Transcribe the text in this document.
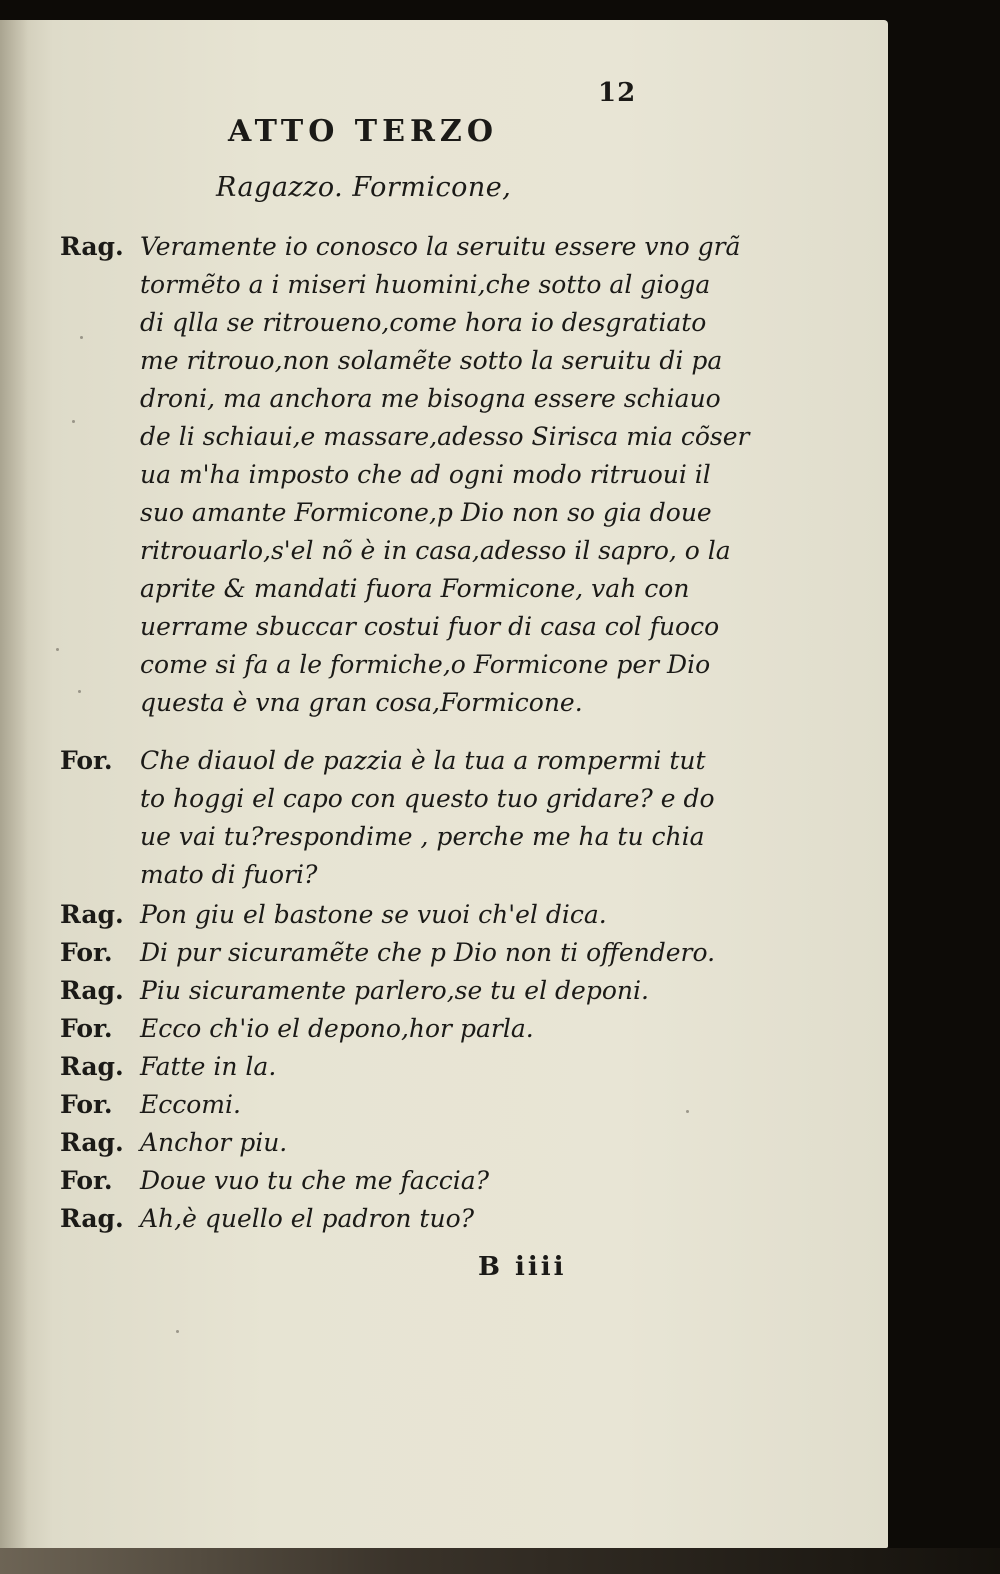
12
ATTO TERZO
Ragazzo. Formicone,
Rag. Veramente io conosco la seruitu essere vno grã
tormẽto a i miseri huomini,che sotto al gioga
di qlla se ritroueno,come hora io desgratiato
me ritrouo,non solamẽte sotto la seruitu di pa
droni, ma anchora me bisogna essere schiauo
de li schiaui,e massare,adesso Sirisca mia cõser
ua m'ha imposto che ad ogni modo ritruoui il
suo amante Formicone,p Dio non so gia doue
ritrouarlo,s'el nõ è in casa,adesso il sapro, o la
aprite & mandati fuora Formicone, vah con
uerrame sbuccar costui fuor di casa col fuoco
come si fa a le formiche,o Formicone per Dio
questa è vna gran cosa,Formicone.
For. Che diauol de pazzia è la tua a rompermi tut
to hoggi el capo con questo tuo gridare? e do
ue vai tu?respondime , perche me ha tu chia
mato di fuori?
Rag. Pon giu el bastone se vuoi ch'el dica.
For. Di pur sicuramẽte che p Dio non ti offendero.
Rag. Piu sicuramente parlero,se tu el deponi.
For. Ecco ch'io el depono,hor parla.
Rag. Fatte in la.
For. Eccomi.
Rag. Anchor piu.
For. Doue vuo tu che me faccia?
Rag. Ah,è quello el padron tuo?
B iiii
